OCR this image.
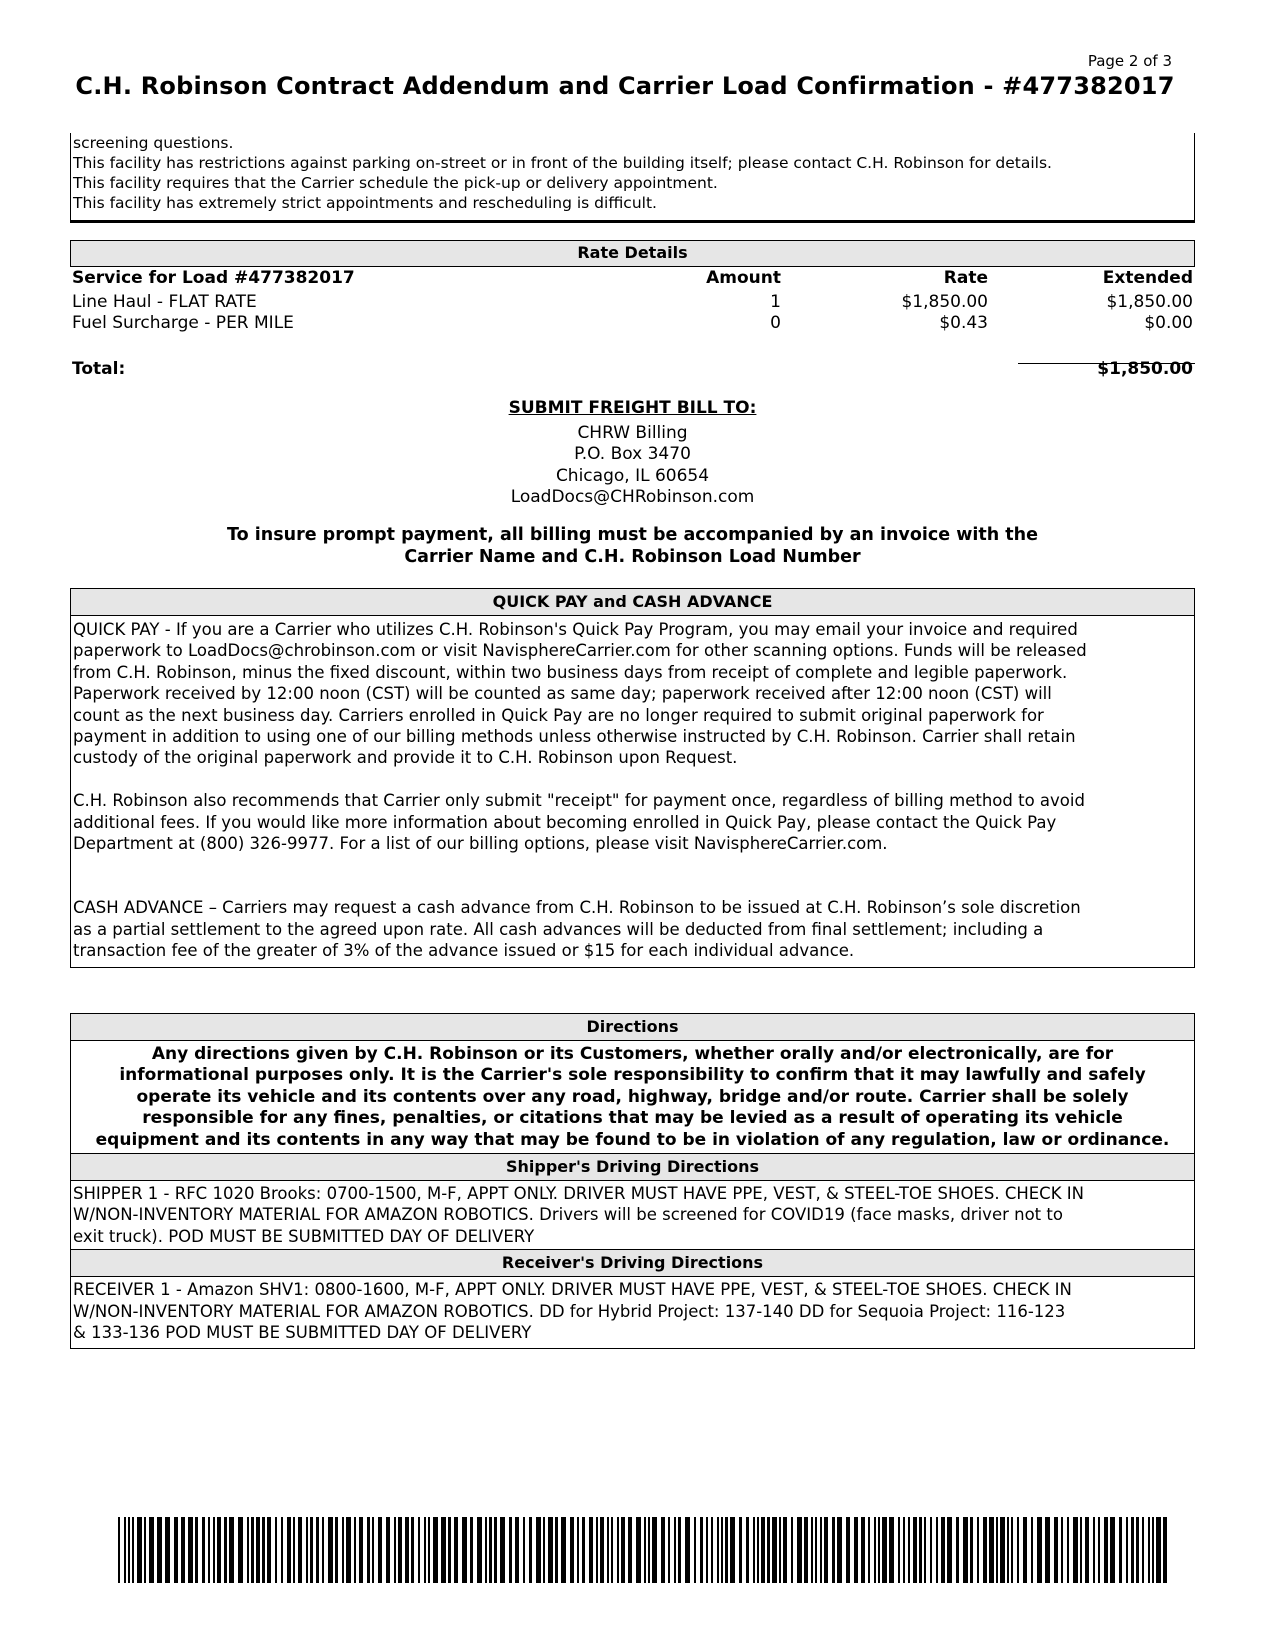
Page 2 of 3
C.H. Robinson Contract Addendum and Carrier Load Confirmation - #477382017
screening questions.
This facility has restrictions against parking on-street or in front of the building itself; please contact C.H. Robinson for details.
This facility requires that the Carrier schedule the pick-up or delivery appointment.
This facility has extremely strict appointments and rescheduling is difficult.
Rate Details
Service for Load #477382017	Amount	Rate	Extended
Line Haul - FLAT RATE	1	$1,850.00	$1,850.00
Fuel Surcharge - PER MILE	0	$0.43	$0.00
Total:	$1,850.00
SUBMIT FREIGHT BILL TO:
CHRW Billing
P.O. Box 3470
Chicago, IL 60654
LoadDocs@CHRobinson.com
To insure prompt payment, all billing must be accompanied by an invoice with the
Carrier Name and C.H. Robinson Load Number
QUICK PAY and CASH ADVANCE

QUICK PAY - If you are a Carrier who utilizes C.H. Robinson's Quick Pay Program, you may email your invoice and required

paperwork to LoadDocs@chrobinson.com or visit NavisphereCarrier.com for other scanning options. Funds will be released

from C.H. Robinson, minus the fixed discount, within two business days from receipt of complete and legible paperwork.

Paperwork received by 12:00 noon (CST) will be counted as same day; paperwork received after 12:00 noon (CST) will

count as the next business day. Carriers enrolled in Quick Pay are no longer required to submit original paperwork for

payment in addition to using one of our billing methods unless otherwise instructed by C.H. Robinson. Carrier shall retain

custody of the original paperwork and provide it to C.H. Robinson upon Request.

C.H. Robinson also recommends that Carrier only submit "receipt" for payment once, regardless of billing method to avoid

additional fees. If you would like more information about becoming enrolled in Quick Pay, please contact the Quick Pay

Department at (800) 326-9977. For a list of our billing options, please visit NavisphereCarrier.com.

CASH ADVANCE – Carriers may request a cash advance from C.H. Robinson to be issued at C.H. Robinson’s sole discretion

as a partial settlement to the agreed upon rate. All cash advances will be deducted from final settlement; including a

transaction fee of the greater of 3% of the advance issued or $15 for each individual advance.

Directions
Any directions given by C.H. Robinson or its Customers, whether orally and/or electronically, are for
informational purposes only. It is the Carrier's sole responsibility to confirm that it may lawfully and safely
operate its vehicle and its contents over any road, highway, bridge and/or route. Carrier shall be solely
responsible for any fines, penalties, or citations that may be levied as a result of operating its vehicle
equipment and its contents in any way that may be found to be in violation of any regulation, law or ordinance.
Shipper's Driving Directions
SHIPPER 1 - RFC 1020 Brooks: 0700-1500, M-F, APPT ONLY. DRIVER MUST HAVE PPE, VEST, & STEEL-TOE SHOES. CHECK IN
W/NON-INVENTORY MATERIAL FOR AMAZON ROBOTICS. Drivers will be screened for COVID19 (face masks, driver not to
exit truck). POD MUST BE SUBMITTED DAY OF DELIVERY
Receiver's Driving Directions
RECEIVER 1 - Amazon SHV1: 0800-1600, M-F, APPT ONLY. DRIVER MUST HAVE PPE, VEST, & STEEL-TOE SHOES. CHECK IN
W/NON-INVENTORY MATERIAL FOR AMAZON ROBOTICS. DD for Hybrid Project: 137-140 DD for Sequoia Project: 116-123
& 133-136 POD MUST BE SUBMITTED DAY OF DELIVERY
